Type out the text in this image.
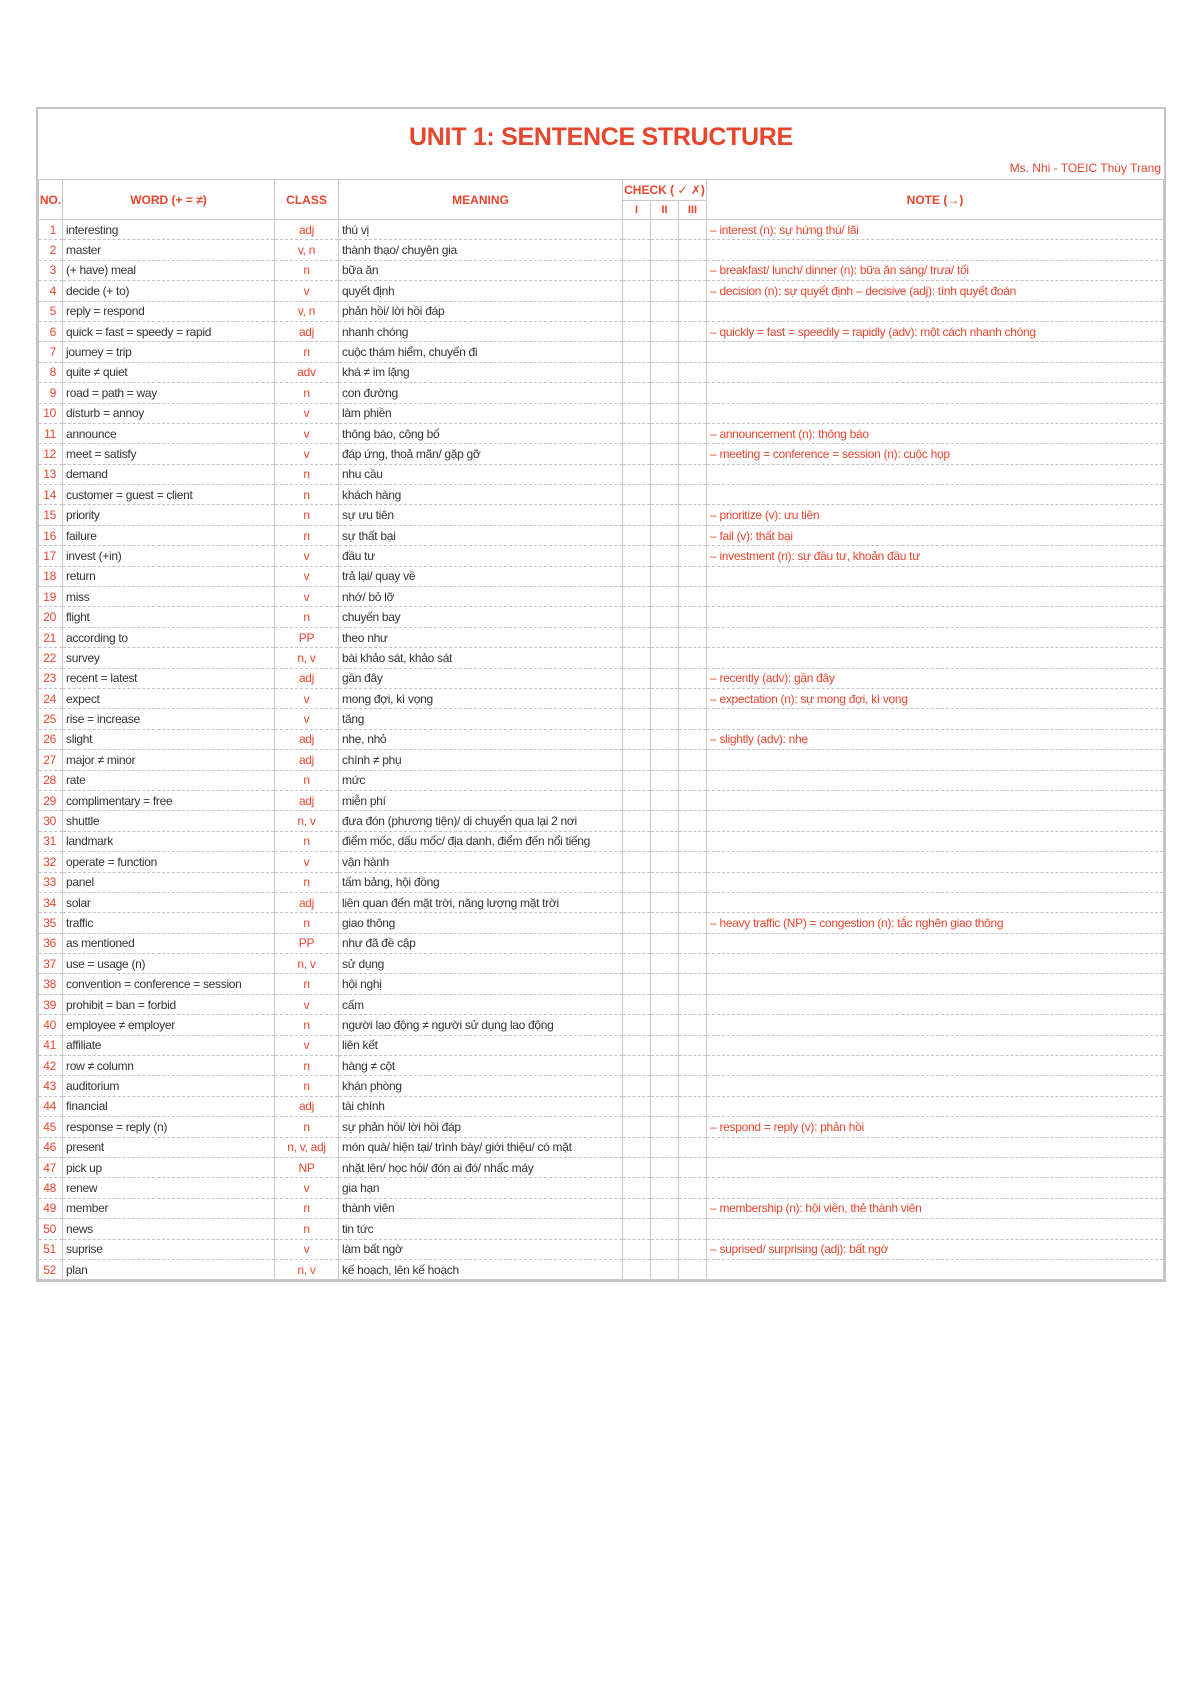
UNIT 1: SENTENCE STRUCTURE
Ms. Nhi - TOEIC Thùy Trang
NO.	WORD (+ = ≠)	CLASS	MEANING	CHECK ( ✓ ✗)			NOTE (→)
				I	II	III	
1	interesting	adj	thú vị				– interest (n): sự hứng thú/ lãi
2	master	v, n	thành thạo/ chuyên gia				
3	(+ have) meal	n	bữa ăn				– breakfast/ lunch/ dinner (n): bữa ăn sáng/ trưa/ tối
4	decide (+ to)	v	quyết định				– decision (n): sự quyết định – decisive (adj): tính quyết đoán
5	reply = respond	v, n	phản hồi/ lời hồi đáp				
6	quick = fast = speedy = rapid	adj	nhanh chóng				– quickly = fast = speedily = rapidly (adv): một cách nhanh chóng
7	journey = trip	n	cuộc thám hiểm, chuyến đi				
8	quite ≠ quiet	adv	khá ≠ im lặng				
9	road = path = way	n	con đường				
10	disturb = annoy	v	làm phiền				
11	announce	v	thông báo, công bố				– announcement (n): thông báo
12	meet = satisfy	v	đáp ứng, thoả mãn/ gặp gỡ				– meeting = conference = session (n): cuộc họp
13	demand	n	nhu cầu				
14	customer = guest = client	n	khách hàng				
15	priority	n	sự ưu tiên				– prioritize (v): ưu tiên
16	failure	n	sự thất bại				– fail (v): thất bại
17	invest (+in)	v	đầu tư				– investment (n): sự đầu tư, khoản đầu tư
18	return	v	trả lại/ quay về				
19	miss	v	nhớ/ bỏ lỡ				
20	flight	n	chuyến bay				
21	according to	PP	theo như				
22	survey	n, v	bài khảo sát, khảo sát				
23	recent = latest	adj	gần đây				– recently (adv): gần đây
24	expect	v	mong đợi, kì vọng				– expectation (n): sự mong đợi, kì vọng
25	rise = increase	v	tăng				
26	slight	adj	nhẹ, nhỏ				– slightly (adv): nhẹ
27	major ≠ minor	adj	chính ≠ phụ				
28	rate	n	mức				
29	complimentary = free	adj	miễn phí				
30	shuttle	n, v	đưa đón (phương tiện)/ di chuyển qua lại 2 nơi				
31	landmark	n	điểm mốc, dấu mốc/ địa danh, điểm đến nổi tiếng				
32	operate = function	v	vận hành				
33	panel	n	tấm bảng, hội đồng				
34	solar	adj	liên quan đến mặt trời, năng lượng mặt trời				
35	traffic	n	giao thông				– heavy traffic (NP) = congestion (n): tắc nghẽn giao thông
36	as mentioned	PP	như đã đề cập				
37	use = usage (n)	n, v	sử dụng				
38	convention = conference = session	n	hội nghị				
39	prohibit = ban = forbid	v	cấm				
40	employee ≠ employer	n	người lao động ≠ người sử dụng lao động				
41	affiliate	v	liên kết				
42	row ≠ column	n	hàng ≠ cột				
43	auditorium	n	khán phòng				
44	financial	adj	tài chính				
45	response = reply (n)	n	sự phản hồi/ lời hồi đáp				– respond = reply (v): phản hồi
46	present	n, v, adj	món quà/ hiện tại/ trình bày/ giới thiệu/ có mặt				
47	pick up	NP	nhặt lên/ học hỏi/ đón ai đó/ nhấc máy				
48	renew	v	gia hạn				
49	member	n	thành viên				– membership (n): hội viên, thẻ thành viên
50	news	n	tin tức				
51	suprise	v	làm bất ngờ				– suprised/ surprising (adj): bất ngờ
52	plan	n, v	kế hoạch, lên kế hoạch				
